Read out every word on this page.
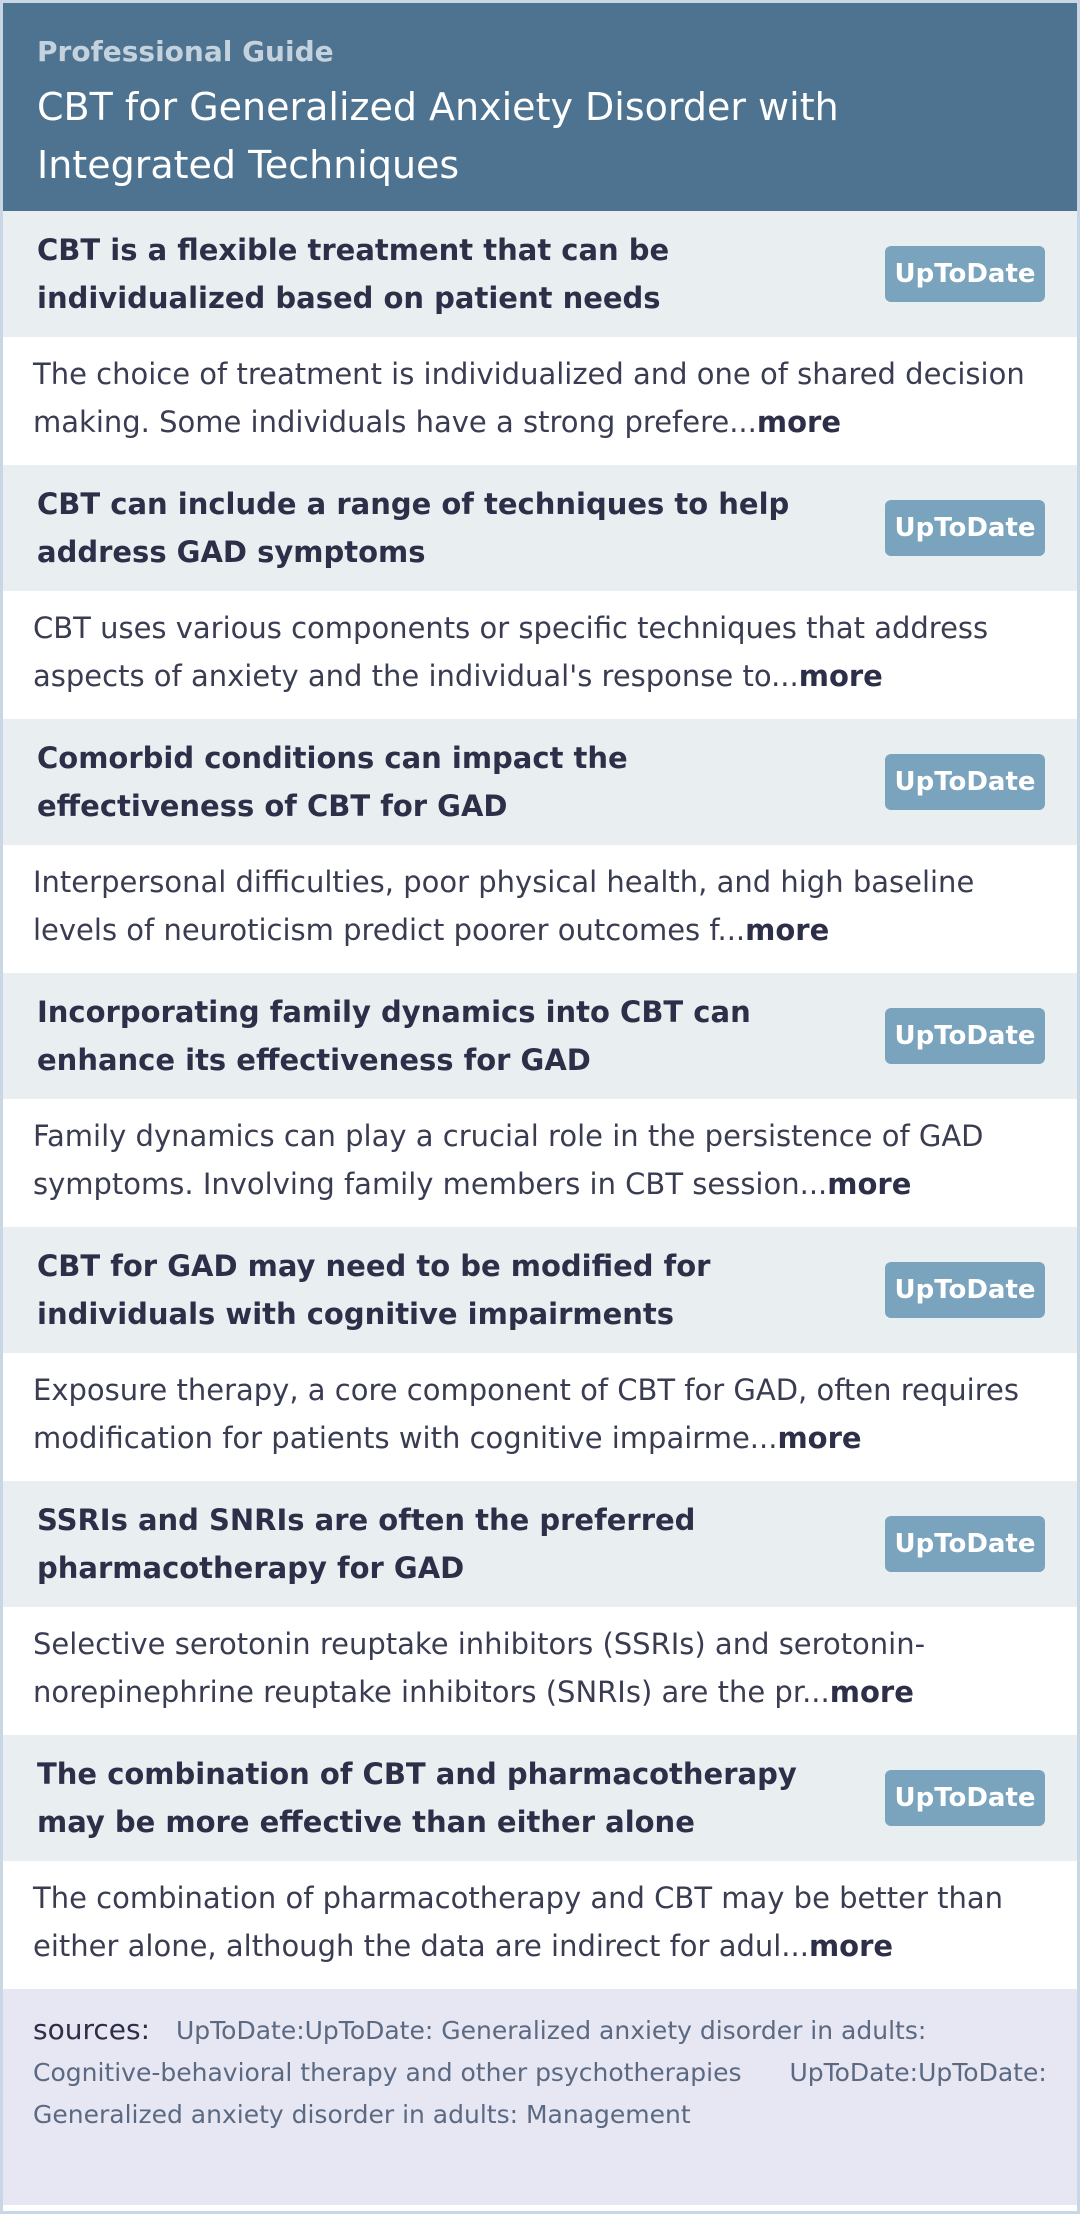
Professional Guide
CBT for Generalized Anxiety Disorder with Integrated Techniques
CBT is a flexible treatment that can be individualized based on patient needs
UpToDate
The choice of treatment is individualized and one of shared decision making. Some individuals have a strong prefere...more
CBT can include a range of techniques to help address GAD symptoms
UpToDate
CBT uses various components or specific techniques that address aspects of anxiety and the individual's response to...more
Comorbid conditions can impact the effectiveness of CBT for GAD
UpToDate
Interpersonal difficulties, poor physical health, and high baseline levels of neuroticism predict poorer outcomes f...more
Incorporating family dynamics into CBT can enhance its effectiveness for GAD
UpToDate
Family dynamics can play a crucial role in the persistence of GAD symptoms. Involving family members in CBT session...more
CBT for GAD may need to be modified for individuals with cognitive impairments
UpToDate
Exposure therapy, a core component of CBT for GAD, often requires modification for patients with cognitive impairme...more
SSRIs and SNRIs are often the preferred pharmacotherapy for GAD
UpToDate
Selective serotonin reuptake inhibitors (SSRIs) and serotonin-norepinephrine reuptake inhibitors (SNRIs) are the pr...more
The combination of CBT and pharmacotherapy may be more effective than either alone
UpToDate
The combination of pharmacotherapy and CBT may be better than either alone, although the data are indirect for adul...more
sources: UpToDate:UpToDate: Generalized anxiety disorder in adults: Cognitive-behavioral therapy and other psychotherapies UpToDate:UpToDate: Generalized anxiety disorder in adults: Management
